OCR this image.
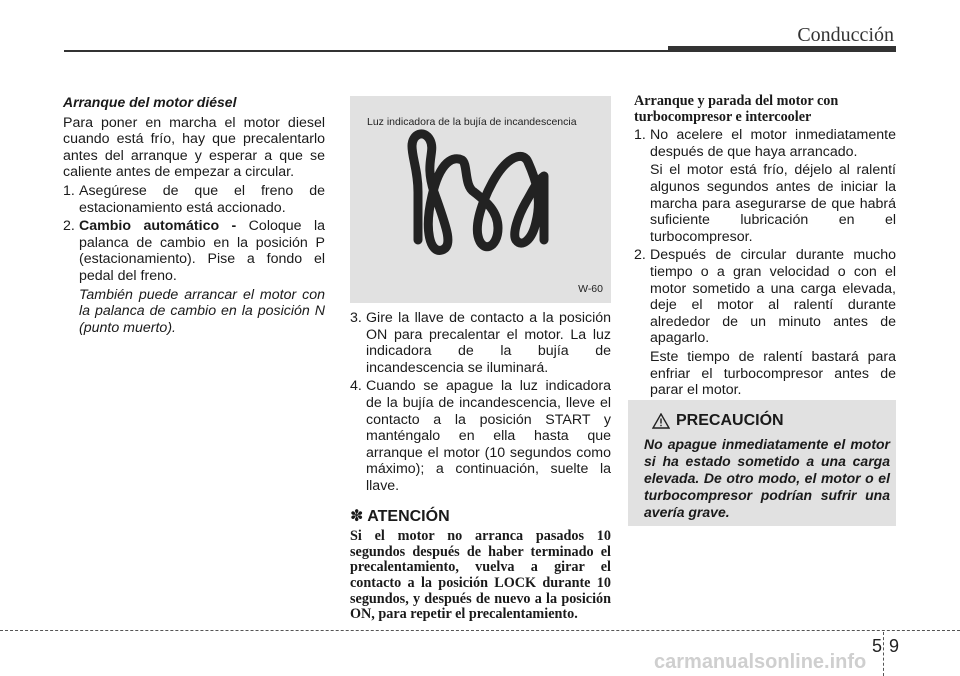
Conducción
Arranque del motor diésel

Para poner en marcha el motor diesel cuando está frío, hay que precalentarlo antes del arranque y esperar a que se caliente antes de empezar a circular.

1. Asegúrese de que el freno de estacionamiento está accionado.
2. Cambio automático - Coloque la palanca de cambio en la posición P (estacionamiento). Pise a fondo el pedal del freno.
También puede arrancar el motor con la palanca de cambio en la posición N (punto muerto).
Luz indicadora de la bujía de incandescencia
W-60
3. Gire la llave de contacto a la posición ON para precalentar el motor. La luz indicadora de la bujía de incandescencia se iluminará.
4. Cuando se apague la luz indicadora de la bujía de incandescencia, lleve el contacto a la posición START y manténgalo en ella hasta que arranque el motor (10 segundos como máximo); a continuación, suelte la llave.
✽ ATENCIÓN
Si el motor no arranca pasados 10 segundos después de haber terminado el precalentamiento, vuelva a girar el contacto a la posición LOCK durante 10 segundos, y después de nuevo a la posición ON, para repetir el precalentamiento.
Arranque y parada del motor con turbocompresor e intercooler
1. No acelere el motor inmediatamente después de que haya arrancado.
Si el motor está frío, déjelo al ralentí algunos segundos antes de iniciar la marcha para asegurarse de que habrá suficiente lubricación en el turbocompresor.
2. Después de circular durante mucho tiempo o a gran velocidad o con el motor sometido a una carga elevada, deje el motor al ralentí durante alrededor de un minuto antes de apagarlo.
Este tiempo de ralentí bastará para enfriar el turbocompresor antes de parar el motor.
PRECAUCIÓN
No apague inmediatamente el motor si ha estado sometido a una carga elevada. De otro modo, el motor o el turbocompresor podrían sufrir una avería grave.
5 9
carmanualsonline.info
